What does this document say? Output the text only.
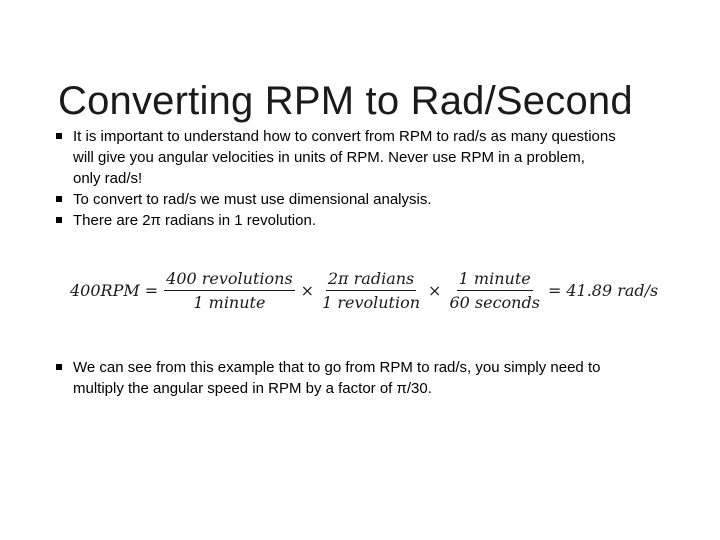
Converting RPM to Rad/Second
It is important to understand how to convert from RPM to rad/s as many questions will give you angular velocities in units of RPM. Never use RPM in a problem, only rad/s!
To convert to rad/s we must use dimensional analysis.
There are 2π radians in 1 revolution.
$400RPM = \frac{\text{400 revolutions}}{\text{1 minute}} \times \frac{\text{2π radians}}{\text{1 revolution}} \times \frac{\text{1 minute}}{\text{60 seconds}} = 41.89$ rad/s
We can see from this example that to go from RPM to rad/s, you simply need to multiply the angular speed in RPM by a factor of π/30.
